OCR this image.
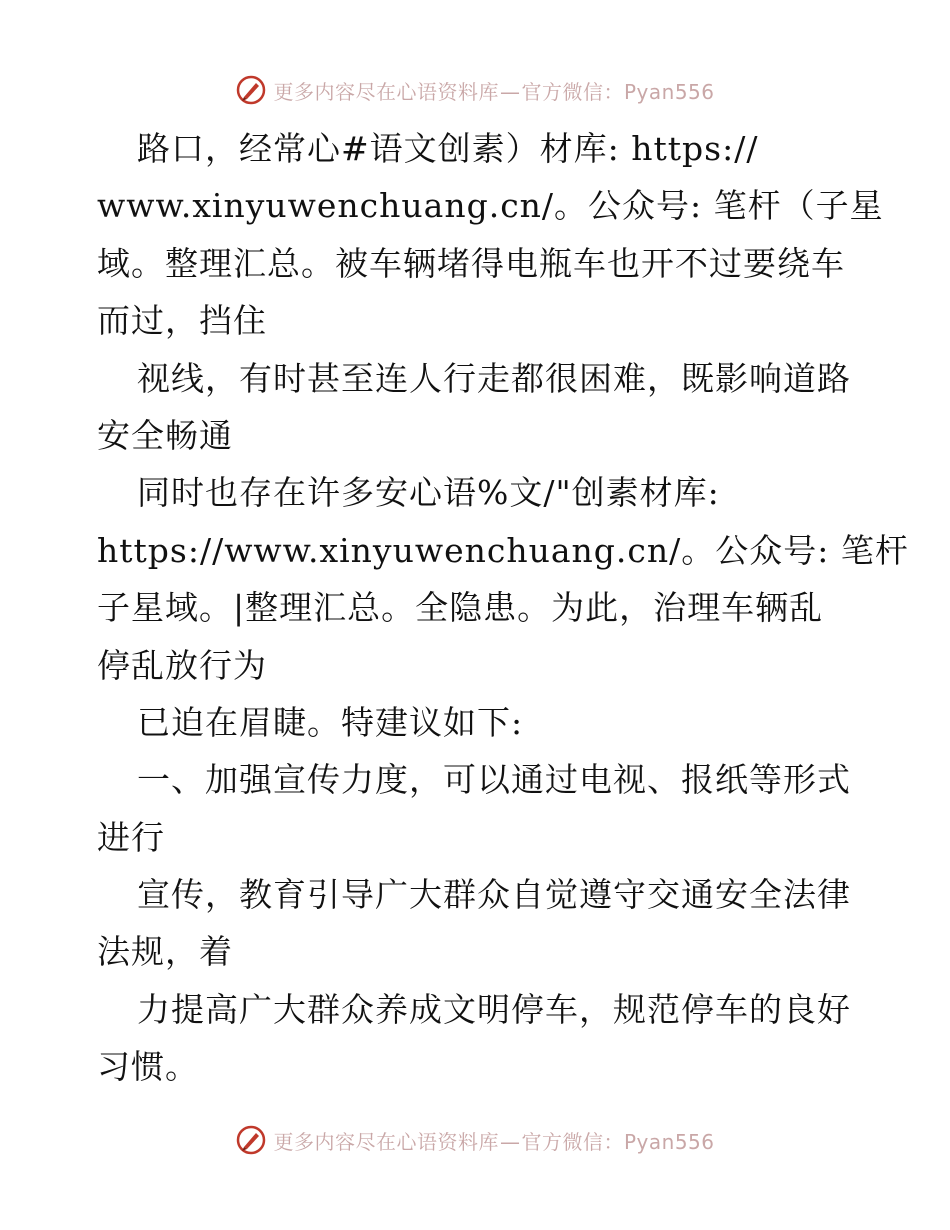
更多内容尽在心语资料库—官方微信：Pyan556
路口，经常心#语文创素）材库: https://
www.xinyuwenchuang.cn/。公众号: 笔杆（子星
域。整理汇总。被车辆堵得电瓶车也开不过要绕车
而过，挡住
视线，有时甚至连人行走都很困难，既影响道路
安全畅通
同时也存在许多安心语%文/"创素材库:
https://www.xinyuwenchuang.cn/。公众号: 笔杆
子星域。|整理汇总。全隐患。为此，治理车辆乱
停乱放行为
已迫在眉睫。特建议如下:
一、加强宣传力度，可以通过电视、报纸等形式
进行
宣传，教育引导广大群众自觉遵守交通安全法律
法规，着
力提高广大群众养成文明停车，规范停车的良好
习惯。
更多内容尽在心语资料库—官方微信：Pyan556
